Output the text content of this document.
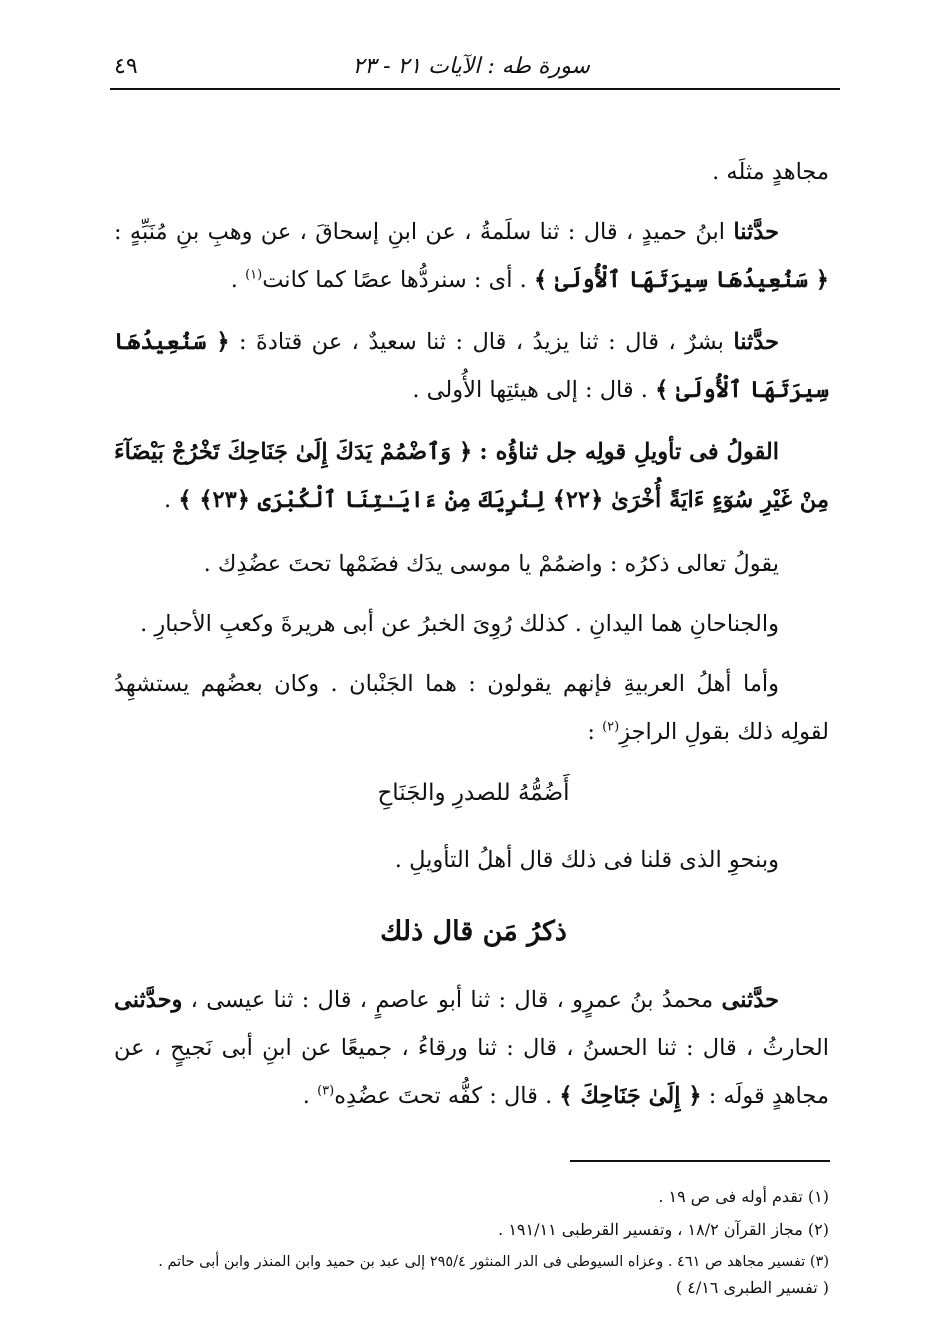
سورة طه : الآيات ٢١ - ٢٣
٤٩

مجاهدٍ مثلَه .

حدَّثنا ابنُ حميدٍ ، قال : ثنا سلَمةُ ، عن ابنِ إسحاقَ ، عن وهبِ بنِ مُنَبِّهٍ : ﴿ سَنُعِيدُهَا سِيرَتَهَا ٱلْأُولَىٰ ﴾ . أى : سنردُّها عصًا كما كانت$^{(١)}$ .

حدَّثنا بشرٌ ، قال : ثنا يزيدُ ، قال : ثنا سعيدٌ ، عن قتادةَ : ﴿ سَنُعِيدُهَا سِيرَتَهَا ٱلْأُولَىٰ ﴾ . قال : إلى هيئتِها الأُولى .

القولُ فى تأويلِ قولِه جل ثناؤُه : ﴿ وَٱضْمُمْ يَدَكَ إِلَىٰ جَنَاحِكَ تَخْرُجْ بَيْضَآءَ مِنْ غَيْرِ سُوٓءٍ ءَايَةً أُخْرَىٰ ﴿٢٢﴾ لِنُرِيَكَ مِنْ ءَايَـٰتِنَا ٱلْكُبْرَى ﴿٢٣﴾ ﴾ .

يقولُ تعالى ذكرُه : واضمُمْ يا موسى يدَك فضَمْها تحتَ عضُدِك .

والجناحانِ هما اليدانِ . كذلك رُوِىَ الخبرُ عن أبى هريرةَ وكعبِ الأحبارِ .

وأما أهلُ العربيةِ فإنهم يقولون : هما الجَنْبان . وكان بعضُهم يستشهِدُ لقولِه ذلك بقولِ الراجزِ$^{(٢)}$ :

أَضُمُّهُ للصدرِ والجَنَاحِ

وبنحوِ الذى قلنا فى ذلك قال أهلُ التأويلِ .

ذكرُ مَن قال ذلك

حدَّثنى محمدُ بنُ عمرٍو ، قال : ثنا أبو عاصمٍ ، قال : ثنا عيسى ، وحدَّثنى الحارثُ ، قال : ثنا الحسنُ ، قال : ثنا ورقاءُ ، جميعًا عن ابنِ أبى نَجيحٍ ، عن مجاهدٍ قولَه : ﴿ إِلَىٰ جَنَاحِكَ ﴾ . قال : كفُّه تحتَ عضُدِه$^{(٣)}$ .

(١) تقدم أوله فى ص ١٩ .
(٢) مجاز القرآن ١٨/٢ ، وتفسير القرطبى ١٩١/١١ .
(٣) تفسير مجاهد ص ٤٦١ . وعزاه السيوطى فى الدر المنثور ٢٩٥/٤ إلى عبد بن حميد وابن المنذر وابن أبى حاتم .
( تفسير الطبرى ٤/١٦ )
